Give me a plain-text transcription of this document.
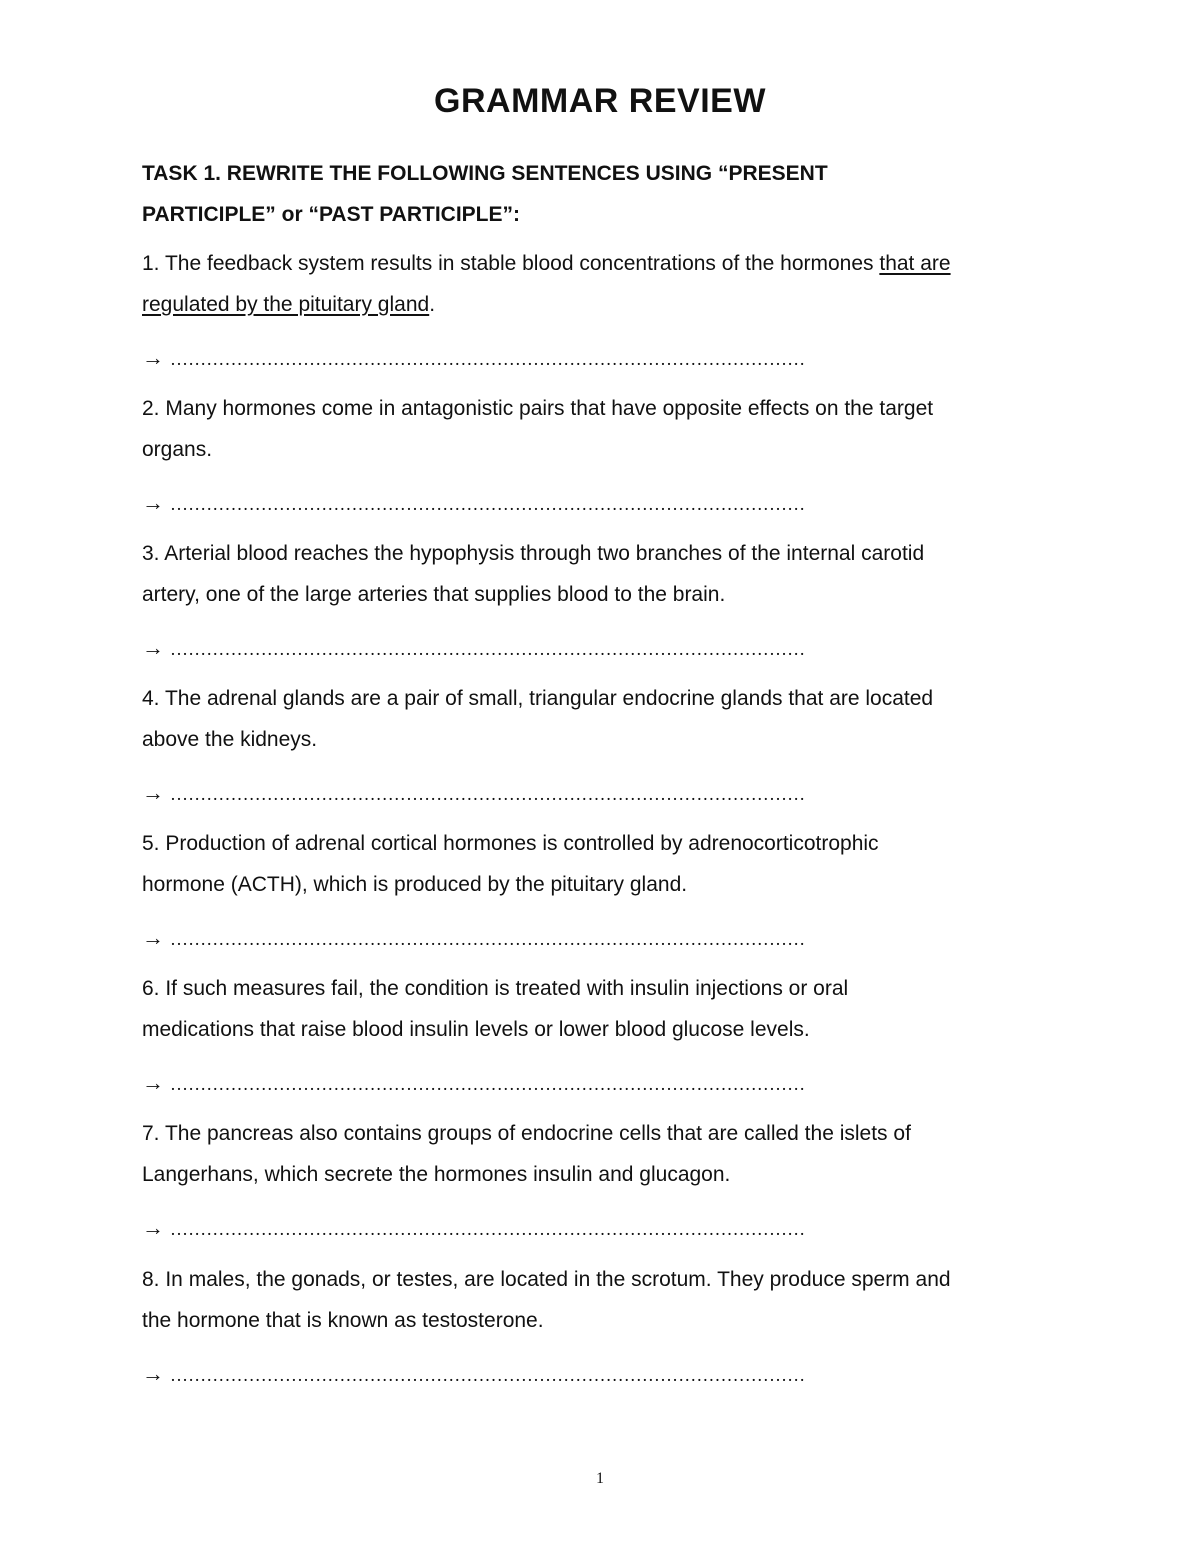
GRAMMAR REVIEW
TASK 1. REWRITE THE FOLLOWING SENTENCES USING “PRESENT
PARTICIPLE” or “PAST PARTICIPLE”:
1. The feedback system results in stable blood concentrations of the hormones that are
regulated by the pituitary gland.
→ ……………………………………………………………………………………………
2. Many hormones come in antagonistic pairs that have opposite effects on the target
organs.
→ ……………………………………………………………………………………………
3. Arterial blood reaches the hypophysis through two branches of the internal carotid
artery, one of the large arteries that supplies blood to the brain.
→ ……………………………………………………………………………………………
4. The adrenal glands are a pair of small, triangular endocrine glands that are located
above the kidneys.
→ ……………………………………………………………………………………………
5. Production of adrenal cortical hormones is controlled by adrenocorticotrophic
hormone (ACTH), which is produced by the pituitary gland.
→ ……………………………………………………………………………………………
6. If such measures fail, the condition is treated with insulin injections or oral
medications that raise blood insulin levels or lower blood glucose levels.
→ ……………………………………………………………………………………………
7. The pancreas also contains groups of endocrine cells that are called the islets of
Langerhans, which secrete the hormones insulin and glucagon.
→ ……………………………………………………………………………………………
8. In males, the gonads, or testes, are located in the scrotum. They produce sperm and
the hormone that is known as testosterone.
→ ……………………………………………………………………………………………
1
